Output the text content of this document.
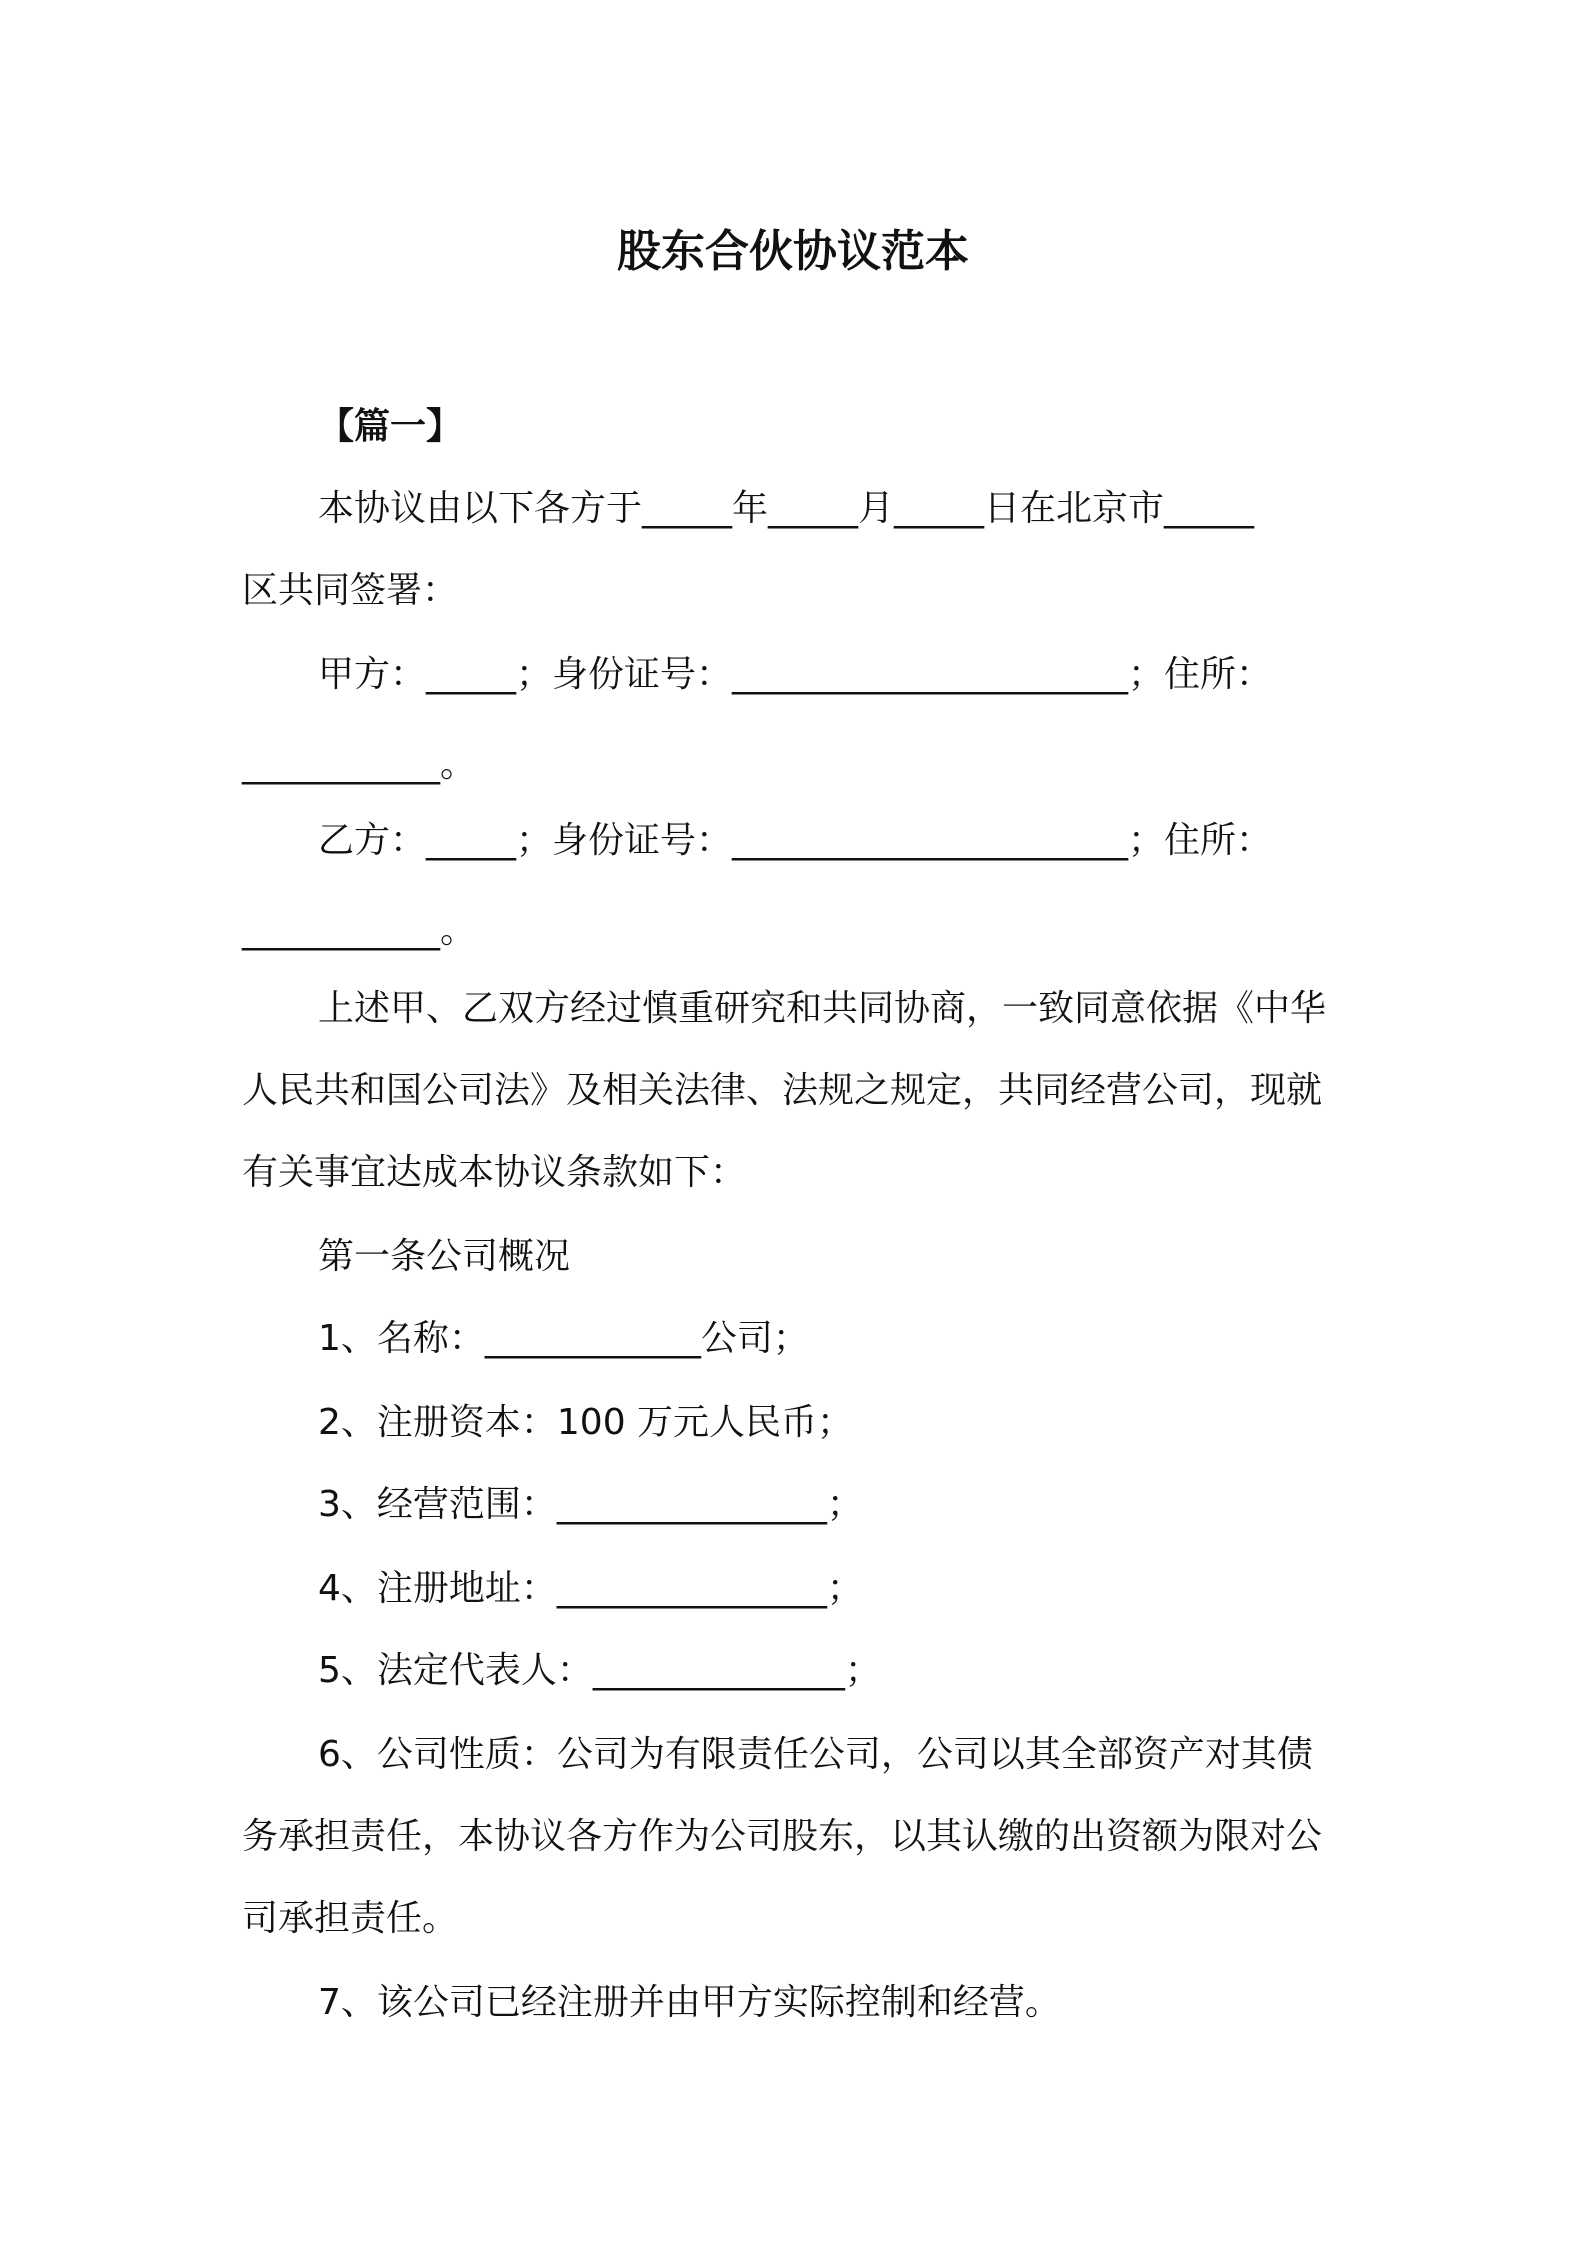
股东合伙协议范本

【篇一】

本协议由以下各方于_____年_____月_____日在北京市_____

区共同签署：

甲方：_____；身份证号：______________________；住所：

___________。

乙方：_____；身份证号：______________________；住所：

___________。

上述甲、乙双方经过慎重研究和共同协商，一致同意依据《中华

人民共和国公司法》及相关法律、法规之规定，共同经营公司，现就

有关事宜达成本协议条款如下：

第一条公司概况

1、名称：____________公司；

2、注册资本：100 万元人民币；

3、经营范围：_______________；

4、注册地址：_______________；

5、法定代表人：______________；

6、公司性质：公司为有限责任公司，公司以其全部资产对其债

务承担责任，本协议各方作为公司股东，以其认缴的出资额为限对公

司承担责任。

7、该公司已经注册并由甲方实际控制和经营。
